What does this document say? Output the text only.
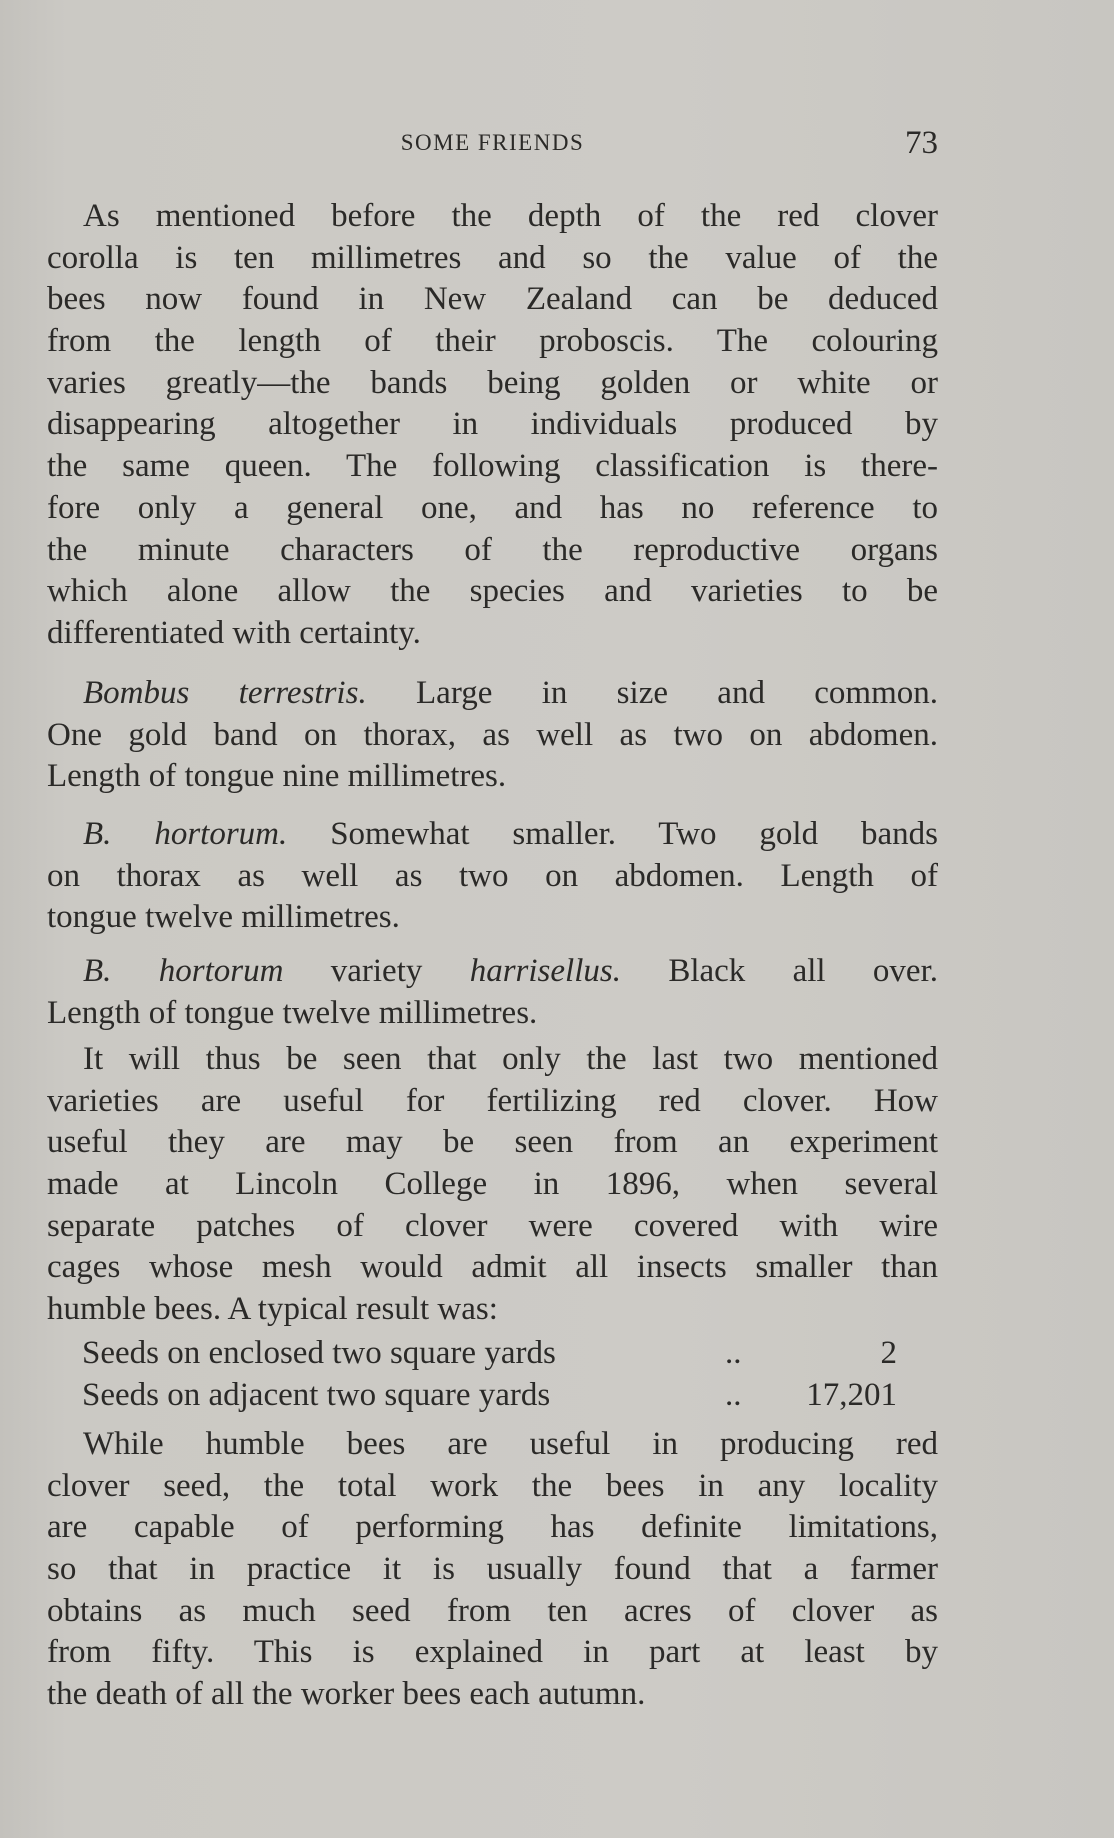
SOME FRIENDS	73
As mentioned before the depth of the red clover
corolla is ten millimetres and so the value of the
bees now found in New Zealand can be deduced
from the length of their proboscis. The colouring
varies greatly—the bands being golden or white or
disappearing altogether in individuals produced by
the same queen. The following classification is there-
fore only a general one, and has no reference to
the minute characters of the reproductive organs
which alone allow the species and varieties to be
differentiated with certainty.
Bombus terrestris. Large in size and common.
One gold band on thorax, as well as two on abdomen.
Length of tongue nine millimetres.
B. hortorum. Somewhat smaller. Two gold bands
on thorax as well as two on abdomen. Length of
tongue twelve millimetres.
B. hortorum variety harrisellus. Black all over.
Length of tongue twelve millimetres.
It will thus be seen that only the last two mentioned
varieties are useful for fertilizing red clover. How
useful they are may be seen from an experiment
made at Lincoln College in 1896, when several
separate patches of clover were covered with wire
cages whose mesh would admit all insects smaller than
humble bees. A typical result was:
Seeds on enclosed two square yards	..	2
Seeds on adjacent two square yards	.. 17,201
While humble bees are useful in producing red
clover seed, the total work the bees in any locality
are capable of performing has definite limitations,
so that in practice it is usually found that a farmer
obtains as much seed from ten acres of clover as
from fifty. This is explained in part at least by
the death of all the worker bees each autumn.
